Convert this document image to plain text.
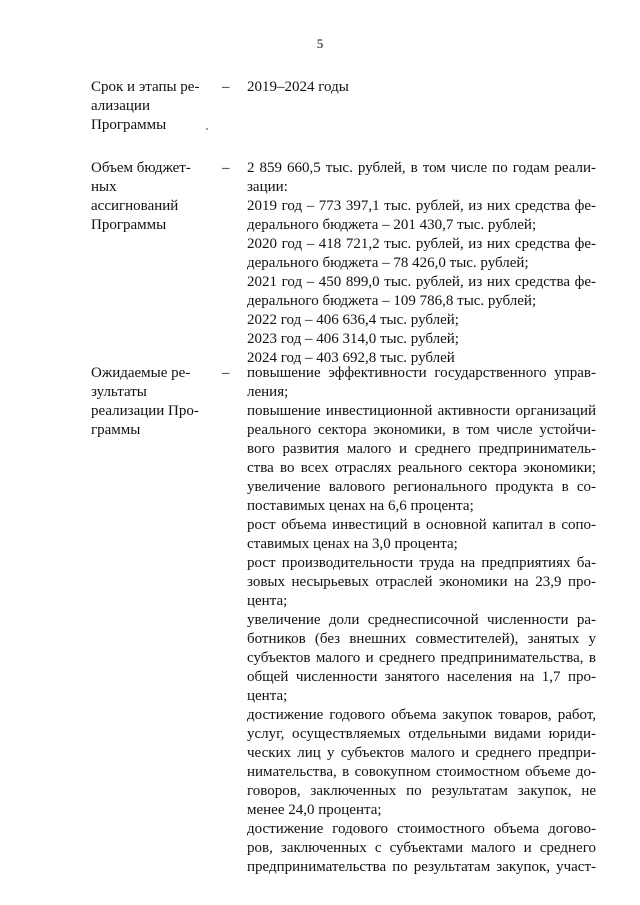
5
Срок и этапы ре-
ализации
Программы
–	2019–2024 годы
Объем бюджет-
ных
ассигнований
Программы
–	2 859 660,5 тыс. рублей, в том числе по годам реали-
зации:
2019 год – 773 397,1 тыс. рублей, из них средства фе-
дерального бюджета – 201 430,7 тыс. рублей;
2020 год – 418 721,2 тыс. рублей, из них средства фе-
дерального бюджета – 78 426,0 тыс. рублей;
2021 год – 450 899,0 тыс. рублей, из них средства фе-
дерального бюджета – 109 786,8 тыс. рублей;
2022 год – 406 636,4 тыс. рублей;
2023 год – 406 314,0 тыс. рублей;
2024 год – 403 692,8 тыс. рублей
Ожидаемые ре-
зультаты
реализации Про-
граммы
–	повышение эффективности государственного управ-
ления;
повышение инвестиционной активности организаций
реального сектора экономики, в том числе устойчи-
вого развития малого и среднего предприниматель-
ства во всех отраслях реального сектора экономики;
увеличение валового регионального продукта в со-
поставимых ценах на 6,6 процента;
рост объема инвестиций в основной капитал в сопо-
ставимых ценах на 3,0 процента;
рост производительности труда на предприятиях ба-
зовых несырьевых отраслей экономики на 23,9 про-
цента;
увеличение доли среднесписочной численности ра-
ботников (без внешних совместителей), занятых у
субъектов малого и среднего предпринимательства, в
общей численности занятого населения на 1,7 про-
цента;
достижение годового объема закупок товаров, работ,
услуг, осуществляемых отдельными видами юриди-
ческих лиц у субъектов малого и среднего предпри-
нимательства, в совокупном стоимостном объеме до-
говоров, заключенных по результатам закупок, не
менее 24,0 процента;
достижение годового стоимостного объема догово-
ров, заключенных с субъектами малого и среднего
предпринимательства по результатам закупок, участ-
